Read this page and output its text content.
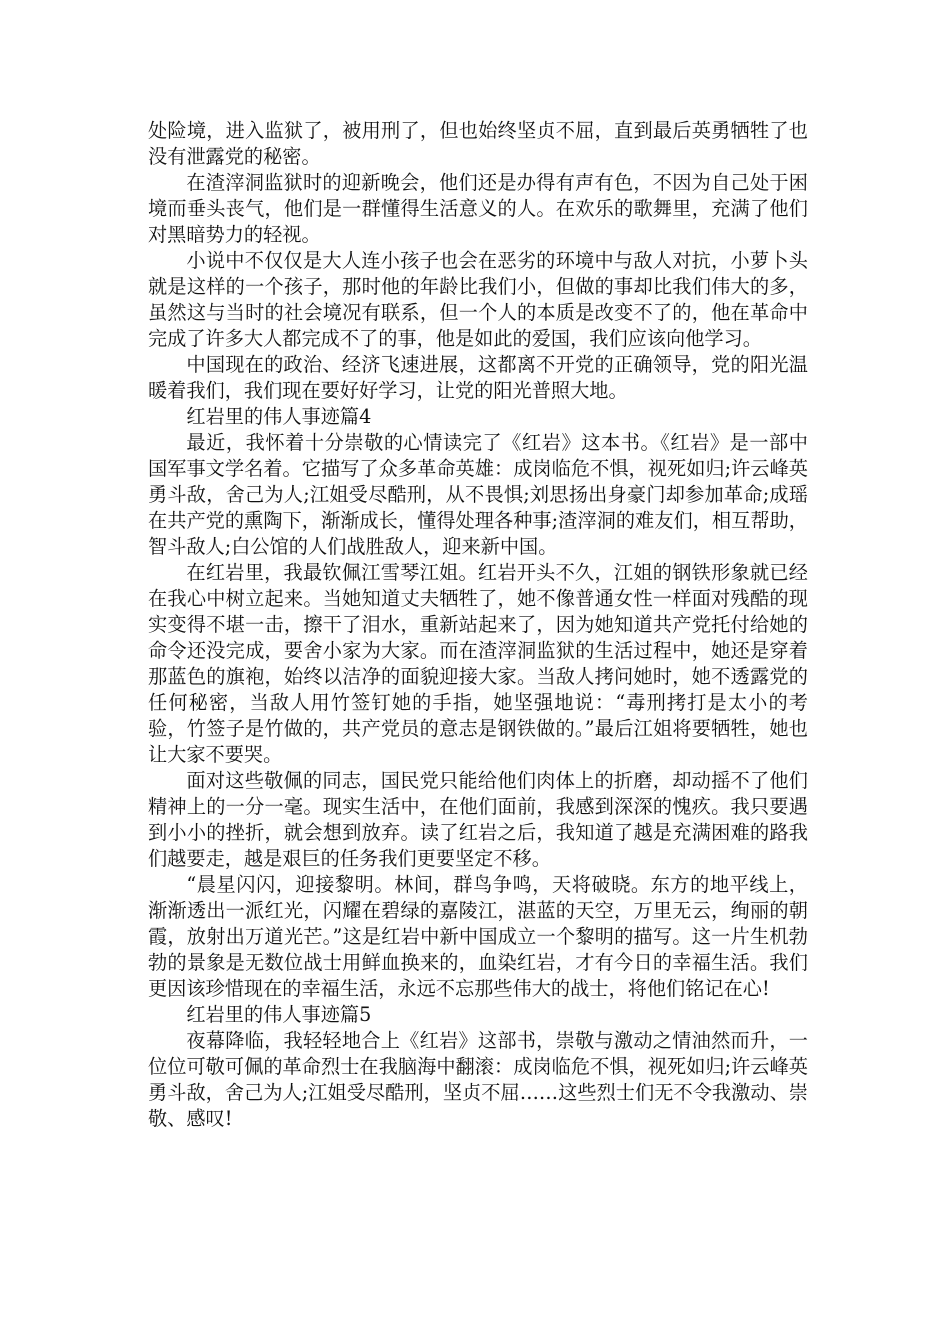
处险境，进入监狱了，被用刑了，但也始终坚贞不屈，直到最后英勇牺牲了也没有泄露党的秘密。

在渣滓洞监狱时的迎新晚会，他们还是办得有声有色，不因为自己处于困境而垂头丧气，他们是一群懂得生活意义的人。在欢乐的歌舞里，充满了他们对黑暗势力的轻视。

小说中不仅仅是大人连小孩子也会在恶劣的环境中与敌人对抗，小萝卜头就是这样的一个孩子，那时他的年龄比我们小，但做的事却比我们伟大的多，虽然这与当时的社会境况有联系，但一个人的本质是改变不了的，他在革命中完成了许多大人都完成不了的事，他是如此的爱国，我们应该向他学习。

中国现在的政治、经济飞速进展，这都离不开党的正确领导，党的阳光温暖着我们，我们现在要好好学习，让党的阳光普照大地。

红岩里的伟人事迹篇4

最近，我怀着十分崇敬的心情读完了《红岩》这本书。《红岩》是一部中国军事文学名着。它描写了众多革命英雄：成岗临危不惧，视死如归;许云峰英勇斗敌，舍己为人;江姐受尽酷刑，从不畏惧;刘思扬出身豪门却参加革命;成瑶在共产党的熏陶下，渐渐成长，懂得处理各种事;渣滓洞的难友们，相互帮助，智斗敌人;白公馆的人们战胜敌人，迎来新中国。

在红岩里，我最钦佩江雪琴江姐。红岩开头不久，江姐的钢铁形象就已经在我心中树立起来。当她知道丈夫牺牲了，她不像普通女性一样面对残酷的现实变得不堪一击，擦干了泪水，重新站起来了，因为她知道共产党托付给她的命令还没完成，要舍小家为大家。而在渣滓洞监狱的生活过程中，她还是穿着那蓝色的旗袍，始终以洁净的面貌迎接大家。当敌人拷问她时，她不透露党的任何秘密，当敌人用竹签钉她的手指，她坚强地说：“毒刑拷打是太小的考验，竹签子是竹做的，共产党员的意志是钢铁做的。”最后江姐将要牺牲，她也让大家不要哭。

面对这些敬佩的同志，国民党只能给他们肉体上的折磨，却动摇不了他们精神上的一分一毫。现实生活中，在他们面前，我感到深深的愧疚。我只要遇到小小的挫折，就会想到放弃。读了红岩之后，我知道了越是充满困难的路我们越要走，越是艰巨的任务我们更要坚定不移。

“晨星闪闪，迎接黎明。林间，群鸟争鸣，天将破晓。东方的地平线上，渐渐透出一派红光，闪耀在碧绿的嘉陵江，湛蓝的天空，万里无云，绚丽的朝霞，放射出万道光芒。”这是红岩中新中国成立一个黎明的描写。这一片生机勃勃的景象是无数位战士用鲜血换来的，血染红岩，才有今日的幸福生活。我们更因该珍惜现在的幸福生活，永远不忘那些伟大的战士，将他们铭记在心!

红岩里的伟人事迹篇5

夜幕降临，我轻轻地合上《红岩》这部书，崇敬与激动之情油然而升，一位位可敬可佩的革命烈士在我脑海中翻滚：成岗临危不惧，视死如归;许云峰英勇斗敌，舍己为人;江姐受尽酷刑，坚贞不屈……这些烈士们无不令我激动、崇敬、感叹!
